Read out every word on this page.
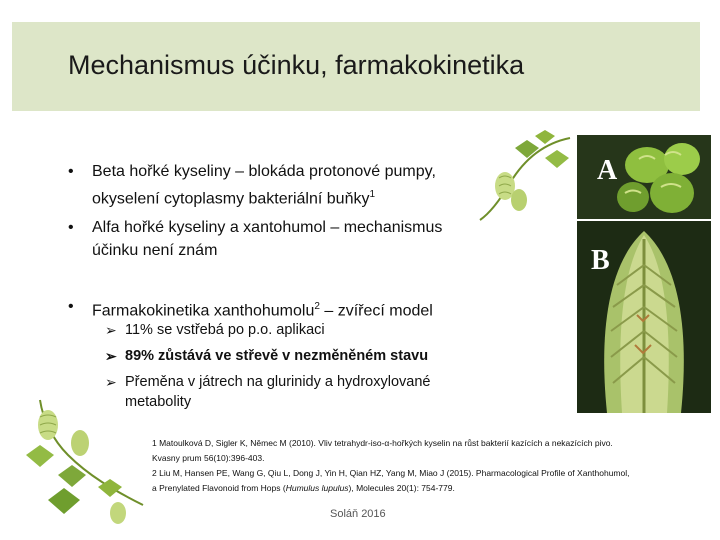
Mechanismus účinku, farmakokinetika
• Beta hořké kyseliny – blokáda protonové pumpy,
okyselení cytoplasmy bakteriální buňky$^1$
• Alfa hořké kyseliny a xantohumol – mechanismus
účinku není znám
• Farmakokinetika xanthohumolu$^2$ – zvířecí model
➢ 11% se vstřebá po p.o. aplikaci
➢ 89% zůstává ve střevě v nezměněném stavu
➢ Přeměna v játrech na glurinidy a hydroxylované
metabolity
1 Matoulková D, Sigler K, Němec M (2010). Vliv tetrahydr-iso-α-hořkých kyselin na růst bakterií kazících a nekazících pivo.
Kvasny prum 56(10):396-403.
2 Liu M, Hansen PE, Wang G, Qiu L, Dong J, Yin H, Qian HZ, Yang M, Miao J (2015). Pharmacological Profile of Xanthohumol,
a Prenylated Flavonoid from Hops (Humulus lupulus), Molecules 20(1): 754-779.
Soláň 2016
A
B
